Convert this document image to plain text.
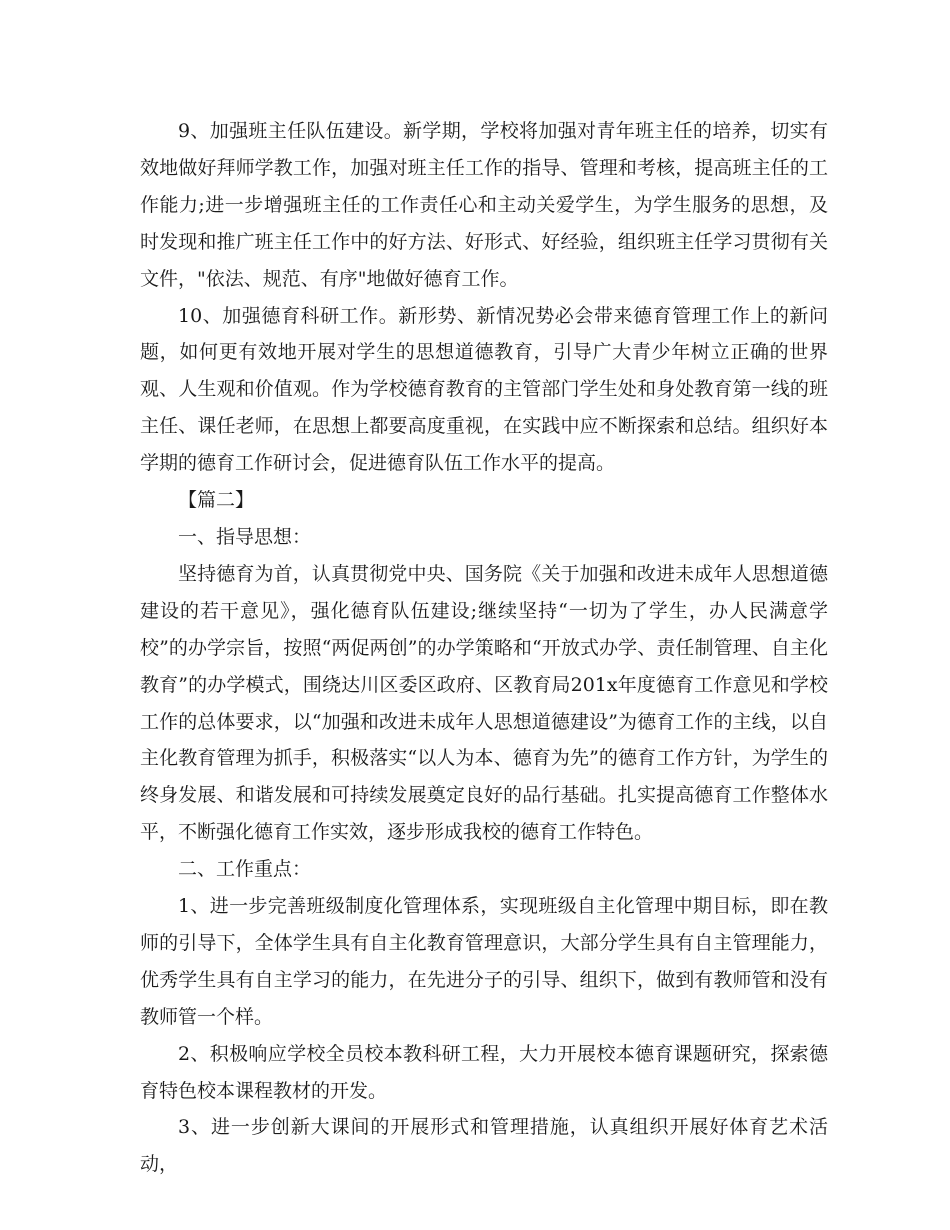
9、加强班主任队伍建设。新学期，学校将加强对青年班主任的培养，切实有效地做好拜师学教工作，加强对班主任工作的指导、管理和考核，提高班主任的工作能力;进一步增强班主任的工作责任心和主动关爱学生，为学生服务的思想，及时发现和推广班主任工作中的好方法、好形式、好经验，组织班主任学习贯彻有关文件，"依法、规范、有序"地做好德育工作。

10、加强德育科研工作。新形势、新情况势必会带来德育管理工作上的新问题，如何更有效地开展对学生的思想道德教育，引导广大青少年树立正确的世界观、人生观和价值观。作为学校德育教育的主管部门学生处和身处教育第一线的班主任、课任老师，在思想上都要高度重视，在实践中应不断探索和总结。组织好本学期的德育工作研讨会，促进德育队伍工作水平的提高。

【篇二】

一、指导思想：

坚持德育为首，认真贯彻党中央、国务院《关于加强和改进未成年人思想道德建设的若干意见》，强化德育队伍建设;继续坚持“一切为了学生，办人民满意学校”的办学宗旨，按照“两促两创”的办学策略和“开放式办学、责任制管理、自主化教育”的办学模式，围绕达川区委区政府、区教育局201x年度德育工作意见和学校工作的总体要求，以“加强和改进未成年人思想道德建设”为德育工作的主线，以自主化教育管理为抓手，积极落实“以人为本、德育为先”的德育工作方针，为学生的终身发展、和谐发展和可持续发展奠定良好的品行基础。扎实提高德育工作整体水平，不断强化德育工作实效，逐步形成我校的德育工作特色。

二、工作重点：

1、进一步完善班级制度化管理体系，实现班级自主化管理中期目标，即在教师的引导下，全体学生具有自主化教育管理意识，大部分学生具有自主管理能力，优秀学生具有自主学习的能力，在先进分子的引导、组织下，做到有教师管和没有教师管一个样。

2、积极响应学校全员校本教科研工程，大力开展校本德育课题研究，探索德育特色校本课程教材的开发。

3、进一步创新大课间的开展形式和管理措施，认真组织开展好体育艺术活动，
